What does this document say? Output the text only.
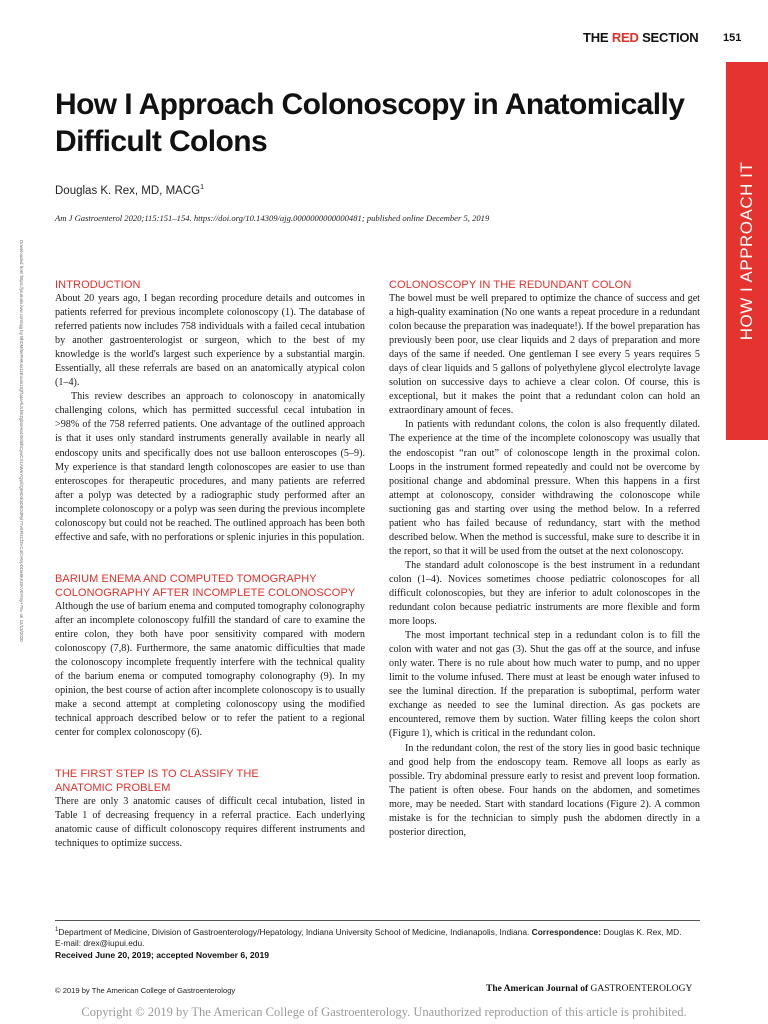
THE RED SECTION 151
HOW I APPROACH IT
How I Approach Colonoscopy in Anatomically Difficult Colons
Douglas K. Rex, MD, MACG$^1$
Am J Gastroenterol 2020;115:151–154. https://doi.org/10.14309/ajg.0000000000000481; published online December 5, 2019
Downloaded from https://journals.lww.com/ajg by BhDMf5ePHKav1zEoum1tQfN4a+kJLhEZgbsIHo4XMi0hCywCX1AWnYQp/IlQrHD3i3D0OdRyi7TvSFl4Cf3VC4/OAVpDDa8KKGKV0Ymy+78= on 12/13/2020	INTRODUCTION

About 20 years ago, I began recording procedure details and outcomes in patients referred for previous incomplete colonoscopy (1). The database of referred patients now includes 758 individuals with a failed cecal intubation by another gastroenterologist or surgeon, which to the best of my knowledge is the world's largest such experience by a substantial margin. Essentially, all these referrals are based on an anatomically atypical colon (1–4).

This review describes an approach to colonoscopy in anatomically challenging colons, which has permitted successful cecal intubation in >98% of the 758 referred patients. One advantage of the outlined approach is that it uses only standard instruments generally available in nearly all endoscopy units and specifically does not use balloon enteroscopes (5–9). My experience is that standard length colonoscopes are easier to use than enteroscopes for therapeutic procedures, and many patients are referred after a polyp was detected by a radiographic study performed after an incomplete colonoscopy or a polyp was seen during the previous incomplete colonoscopy but could not be reached. The outlined approach has been both effective and safe, with no perforations or splenic injuries in this population.

BARIUM ENEMA AND COMPUTED TOMOGRAPHY COLONOGRAPHY AFTER INCOMPLETE COLONOSCOPY

Although the use of barium enema and computed tomography colonography after an incomplete colonoscopy fulfill the standard of care to examine the entire colon, they both have poor sensitivity compared with modern colonoscopy (7,8). Furthermore, the same anatomic difficulties that made the colonoscopy incomplete frequently interfere with the technical quality of the barium enema or computed tomography colonography (9). In my opinion, the best course of action after incomplete colonoscopy is to usually make a second attempt at completing colonoscopy using the modified technical approach described below or to refer the patient to a regional center for complex colonoscopy (6).

THE FIRST STEP IS TO CLASSIFY THE ANATOMIC PROBLEM

There are only 3 anatomic causes of difficult cecal intubation, listed in Table 1 of decreasing frequency in a referral practice. Each underlying anatomic cause of difficult colonoscopy requires different instruments and techniques to optimize success.

COLONOSCOPY IN THE REDUNDANT COLON

The bowel must be well prepared to optimize the chance of success and get a high-quality examination (No one wants a repeat procedure in a redundant colon because the preparation was inadequate!). If the bowel preparation has previously been poor, use clear liquids and 2 days of preparation and more days of the same if needed. One gentleman I see every 5 years requires 5 days of clear liquids and 5 gallons of polyethylene glycol electrolyte lavage solution on successive days to achieve a clear colon. Of course, this is exceptional, but it makes the point that a redundant colon can hold an extraordinary amount of feces.

In patients with redundant colons, the colon is also frequently dilated. The experience at the time of the incomplete colonoscopy was usually that the endoscopist “ran out” of colonoscope length in the proximal colon. Loops in the instrument formed repeatedly and could not be overcome by positional change and abdominal pressure. When this happens in a first attempt at colonoscopy, consider withdrawing the colonoscope while suctioning gas and starting over using the method below. In a referred patient who has failed because of redundancy, start with the method described below. When the method is successful, make sure to describe it in the report, so that it will be used from the outset at the next colonoscopy.

The standard adult colonoscope is the best instrument in a redundant colon (1–4). Novices sometimes choose pediatric colonoscopes for all difficult colonoscopies, but they are inferior to adult colonoscopes in the redundant colon because pediatric instruments are more flexible and form more loops.

The most important technical step in a redundant colon is to fill the colon with water and not gas (3). Shut the gas off at the source, and infuse only water. There is no rule about how much water to pump, and no upper limit to the volume infused. There must at least be enough water infused to see the luminal direction. If the preparation is suboptimal, perform water exchange as needed to see the luminal direction. As gas pockets are encountered, remove them by suction. Water filling keeps the colon short (Figure 1), which is critical in the redundant colon.

In the redundant colon, the rest of the story lies in good basic technique and good help from the endoscopy team. Remove all loops as early as possible. Try abdominal pressure early to resist and prevent loop formation. The patient is often obese. Four hands on the abdomen, and sometimes more, may be needed. Start with standard locations (Figure 2). A common mistake is for the technician to simply push the abdomen directly in a posterior direction,

$^1$Department of Medicine, Division of Gastroenterology/Hepatology, Indiana University School of Medicine, Indianapolis, Indiana. Correspondence: Douglas K. Rex, MD.
E-mail: drex@iupui.edu.
Received June 20, 2019; accepted November 6, 2019
© 2019 by The American College of Gastroenterology	The American Journal of GASTROENTEROLOGY
Copyright © 2019 by The American College of Gastroenterology. Unauthorized reproduction of this article is prohibited.
